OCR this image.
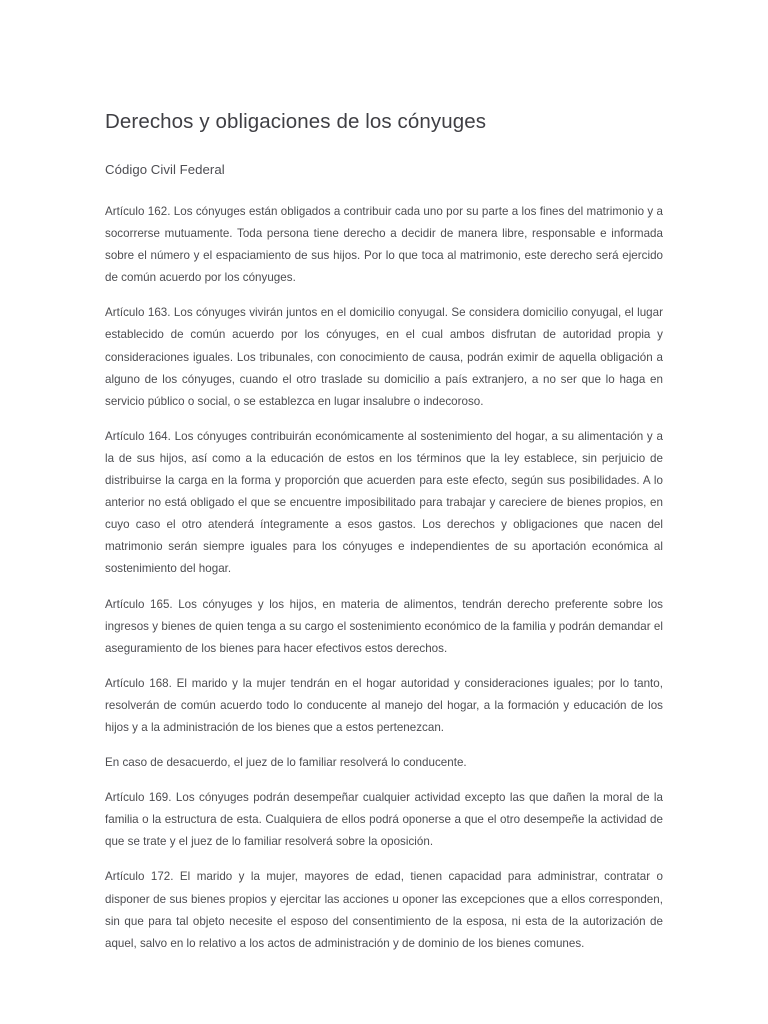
Derechos y obligaciones de los cónyuges
Código Civil Federal

Artículo 162. Los cónyuges están obligados a contribuir cada uno por su parte a los fines del matrimonio y a socorrerse mutuamente. Toda persona tiene derecho a decidir de manera libre, responsable e informada sobre el número y el espaciamiento de sus hijos. Por lo que toca al matrimonio, este derecho será ejercido de común acuerdo por los cónyuges.

Artículo 163. Los cónyuges vivirán juntos en el domicilio conyugal. Se considera domicilio conyugal, el lugar establecido de común acuerdo por los cónyuges, en el cual ambos disfrutan de autoridad propia y consideraciones iguales. Los tribunales, con conocimiento de causa, podrán eximir de aquella obligación a alguno de los cónyuges, cuando el otro traslade su domicilio a país extranjero, a no ser que lo haga en servicio público o social, o se establezca en lugar insalubre o indecoroso.

Artículo 164. Los cónyuges contribuirán económicamente al sostenimiento del hogar, a su alimentación y a la de sus hijos, así como a la educación de estos en los términos que la ley establece, sin perjuicio de distribuirse la carga en la forma y proporción que acuerden para este efecto, según sus posibilidades. A lo anterior no está obligado el que se encuentre imposibilitado para trabajar y careciere de bienes propios, en cuyo caso el otro atenderá íntegramente a esos gastos. Los derechos y obligaciones que nacen del matrimonio serán siempre iguales para los cónyuges e independientes de su aportación económica al sostenimiento del hogar.

Artículo 165. Los cónyuges y los hijos, en materia de alimentos, tendrán derecho preferente sobre los ingresos y bienes de quien tenga a su cargo el sostenimiento económico de la familia y podrán demandar el aseguramiento de los bienes para hacer efectivos estos derechos.

Artículo 168. El marido y la mujer tendrán en el hogar autoridad y consideraciones iguales; por lo tanto, resolverán de común acuerdo todo lo conducente al manejo del hogar, a la formación y educación de los hijos y a la administración de los bienes que a estos pertenezcan.

En caso de desacuerdo, el juez de lo familiar resolverá lo conducente.

Artículo 169. Los cónyuges podrán desempeñar cualquier actividad excepto las que dañen la moral de la familia o la estructura de esta. Cualquiera de ellos podrá oponerse a que el otro desempeñe la actividad de que se trate y el juez de lo familiar resolverá sobre la oposición.

Artículo 172. El marido y la mujer, mayores de edad, tienen capacidad para administrar, contratar o disponer de sus bienes propios y ejercitar las acciones u oponer las excepciones que a ellos corresponden, sin que para tal objeto necesite el esposo del consentimiento de la esposa, ni esta de la autorización de aquel, salvo en lo relativo a los actos de administración y de dominio de los bienes comunes.
